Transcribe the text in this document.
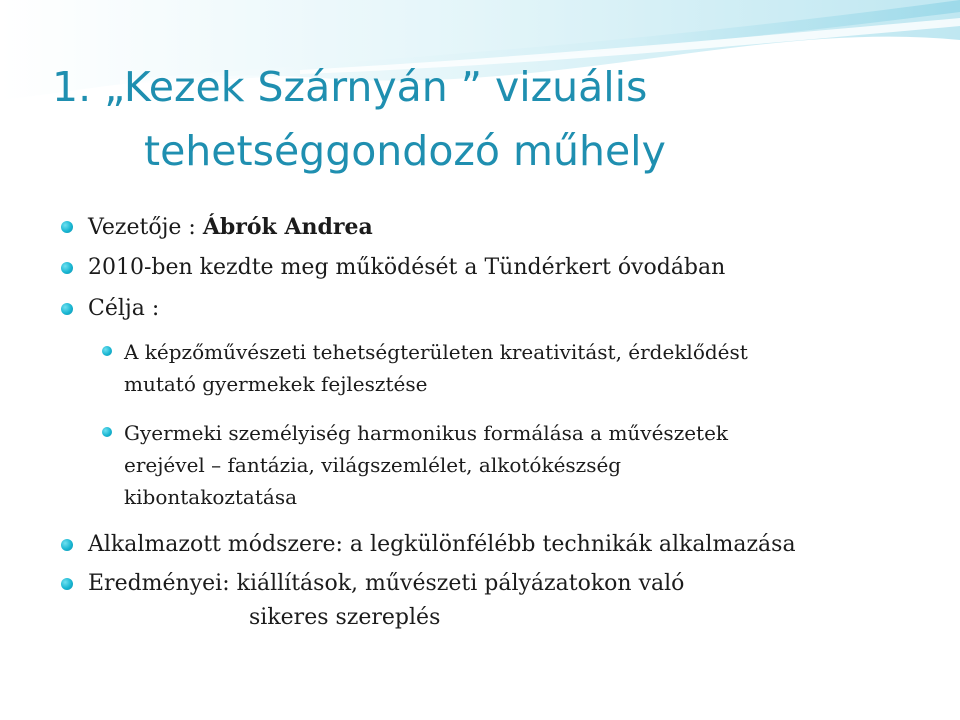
1. „Kezek Szárnyán ” vizuális
tehetséggondozó műhely
Vezetője : Ábrók Andrea
2010-ben kezdte meg működését a Tündérkert óvodában
Célja :
A képzőművészeti tehetségterületen kreativitást, érdeklődést
mutató gyermekek fejlesztése
Gyermeki személyiség harmonikus formálása a művészetek
erejével – fantázia, világszemlélet, alkotókészség
kibontakoztatása
Alkalmazott módszere: a legkülönfélébb technikák alkalmazása
Eredményei: kiállítások, művészeti pályázatokon való
sikeres szereplés
